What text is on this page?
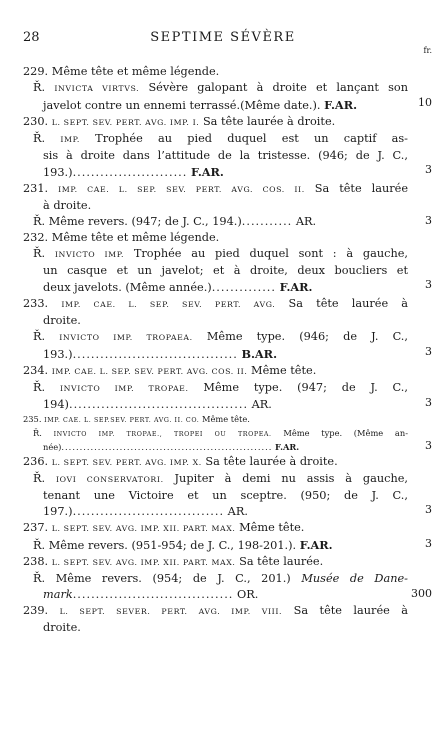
28	SEPTIME SÉVÈRE
fr.
229. Même tête et même légende.
Ř. INVICTA VIRTVS. Sévère galopant à droite et lançant son
javelot contre un ennemi terrassé.(Même date.). F.AR.	10
230. L. SEPT. SEV. PERT. AVG. IMP. I. Sa tête laurée à droite.
Ř. IMP. Trophée au pied duquel est un captif as-
sis à droite dans l’attitude de la tristesse. (946; de J. C.,
193.)......................... F.AR.	3
231. IMP. CAE. L. SEP. SEV. PERT. AVG. COS. II. Sa tête laurée
à droite.
Ř. Même revers. (947; de J. C., 194.)........... AR.	3
232. Même tête et même légende.
Ř. INVICTO IMP. Trophée au pied duquel sont : à gauche,
un casque et un javelot; et à droite, deux boucliers et
deux javelots. (Même année.).............. F.AR.	3
233. IMP. CAE. L. SEP. SEV. PERT. AVG. Sa tête laurée à
droite.
Ř. INVICTO IMP. TROPAEA. Même type. (946; de J. C.,
193.).................................... B.AR.	3
234. IMP. CAE. L. SEP. SEV. PERT. AVG. COS. II. Même tête.
Ř. INVICTO IMP. TROPAE. Même type. (947; de J. C.,
194)....................................... AR.	3
235. IMP. CAE. L. SEP.SEV. PERT. AVG. II. CO. Même tête.
Ř. INVICTO IMP. TROPAE., TROPEI OU TROPEA. Même type. (Même an-
née).......................................................... F.AR.	3
236. L. SEPT. SEV. PERT. AVG. IMP. X. Sa tête laurée à droite.
Ř. IOVI CONSERVATORI. Jupiter à demi nu assis à gauche,
tenant une Victoire et un sceptre. (950; de J. C.,
197.)................................. AR.	3
237. L. SEPT. SEV. AVG. IMP. XII. PART. MAX. Même tête.
Ř. Même revers. (951-954; de J. C., 198-201.). F.AR.	3
238. L. SEPT. SEV. AVG. IMP. XII. PART. MAX. Sa tête laurée.
Ř. Même revers. (954; de J. C., 201.) Musée de Dane-
mark................................... OR.	300
239. L. SEPT. SEVER. PERT. AVG. IMP. VIII. Sa tête laurée à
droite.
